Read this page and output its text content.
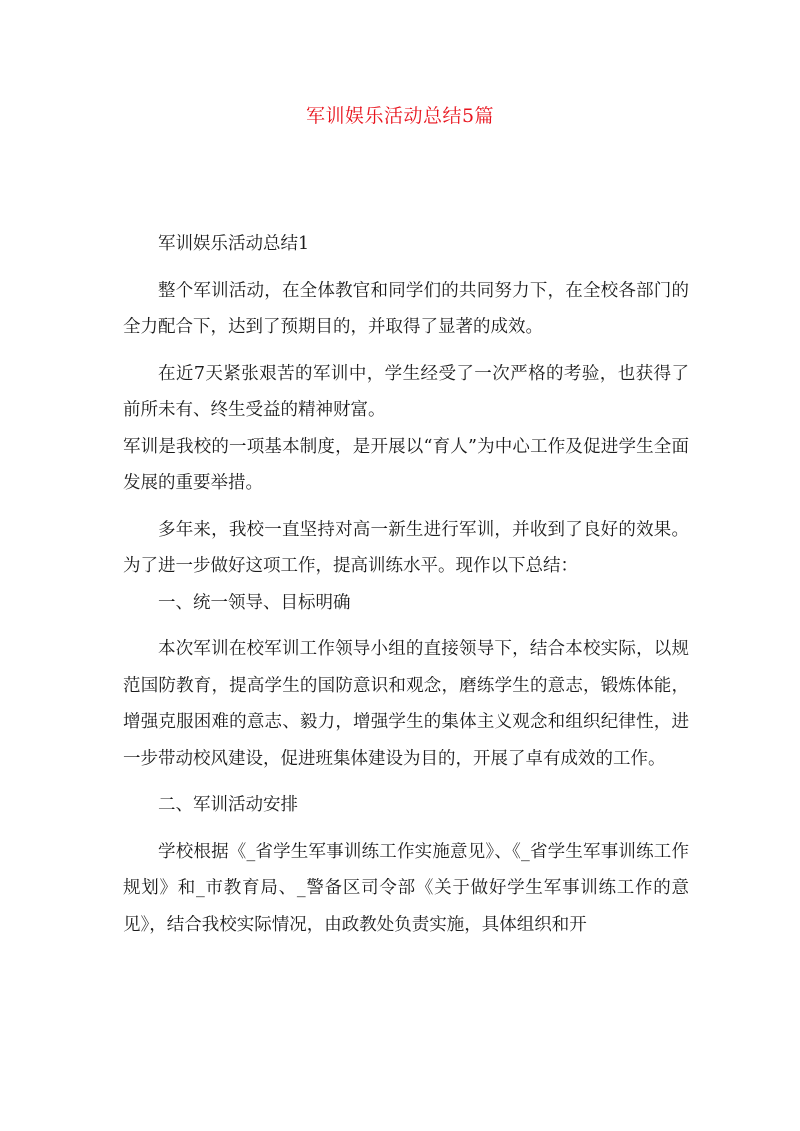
军训娱乐活动总结5篇

军训娱乐活动总结1

整个军训活动，在全体教官和同学们的共同努力下，在全校各部门的全力配合下，达到了预期目的，并取得了显著的成效。

在近7天紧张艰苦的军训中，学生经受了一次严格的考验，也获得了前所未有、终生受益的精神财富。

军训是我校的一项基本制度，是开展以“育人”为中心工作及促进学生全面发展的重要举措。

多年来，我校一直坚持对高一新生进行军训，并收到了良好的效果。为了进一步做好这项工作，提高训练水平。现作以下总结：

一、统一领导、目标明确

本次军训在校军训工作领导小组的直接领导下，结合本校实际，以规范国防教育，提高学生的国防意识和观念，磨练学生的意志，锻炼体能，增强克服困难的意志、毅力，增强学生的集体主义观念和组织纪律性，进一步带动校风建设，促进班集体建设为目的，开展了卓有成效的工作。

二、军训活动安排

学校根据《_省学生军事训练工作实施意见》、《_省学生军事训练工作规划》和_市教育局、_警备区司令部《关于做好学生军事训练工作的意见》，结合我校实际情况，由政教处负责实施，具体组织和开
